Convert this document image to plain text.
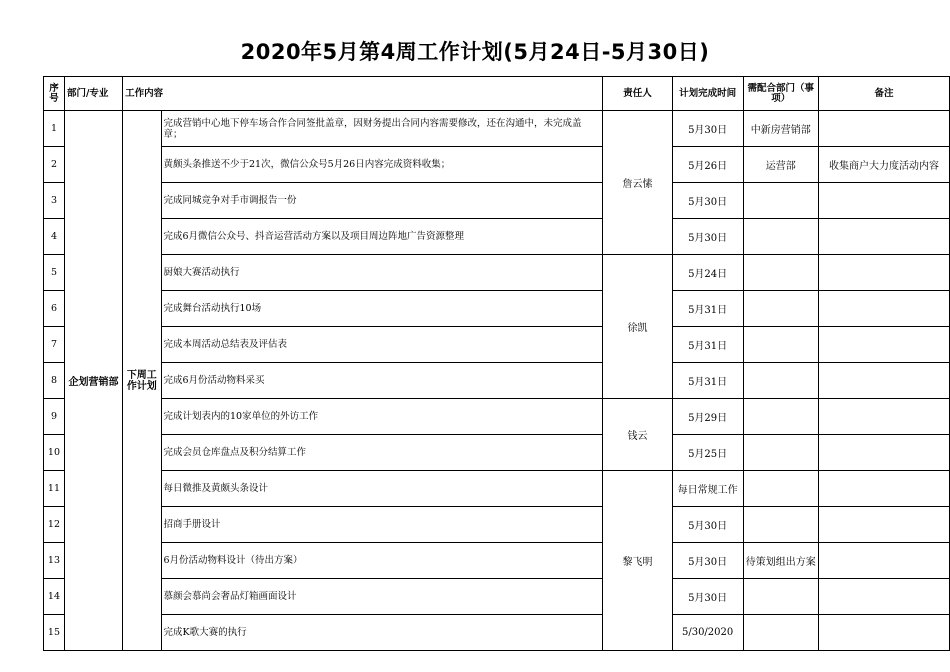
2020年5月第4周工作计划(5月24日-5月30日)
序号	部门/专业	工作内容		责任人	计划完成时间	需配合部门（事项）	备注
1	企划营销部	下周工作计划	完成营销中心地下停车场合作合同签批盖章，因财务提出合同内容需要修改，还在沟通中，未完成盖章；	詹云愫	5月30日	中新房营销部	
2			黄颇头条推送不少于21次，微信公众号5月26日内容完成资料收集；		5月26日	运营部	收集商户大力度活动内容
3			完成同城竞争对手市调报告一份		5月30日		
4			完成6月微信公众号、抖音运营活动方案以及项目周边阵地广告资源整理		5月30日		
5			厨娘大赛活动执行	徐凯	5月24日		
6			完成舞台活动执行10场		5月31日		
7			完成本周活动总结表及评估表		5月31日		
8			完成6月份活动物料采买		5月31日		
9			完成计划表内的10家单位的外访工作	钱云	5月29日		
10			完成会员仓库盘点及积分结算工作		5月25日		
11			每日微推及黄颇头条设计	黎飞明	每日常规工作		
12			招商手册设计		5月30日		
13			6月份活动物料设计（待出方案）		5月30日	待策划组出方案	
14			慕颜会慕尚会奢品灯箱画面设计		5月30日		
15			完成K歌大赛的执行		5/30/2020		
